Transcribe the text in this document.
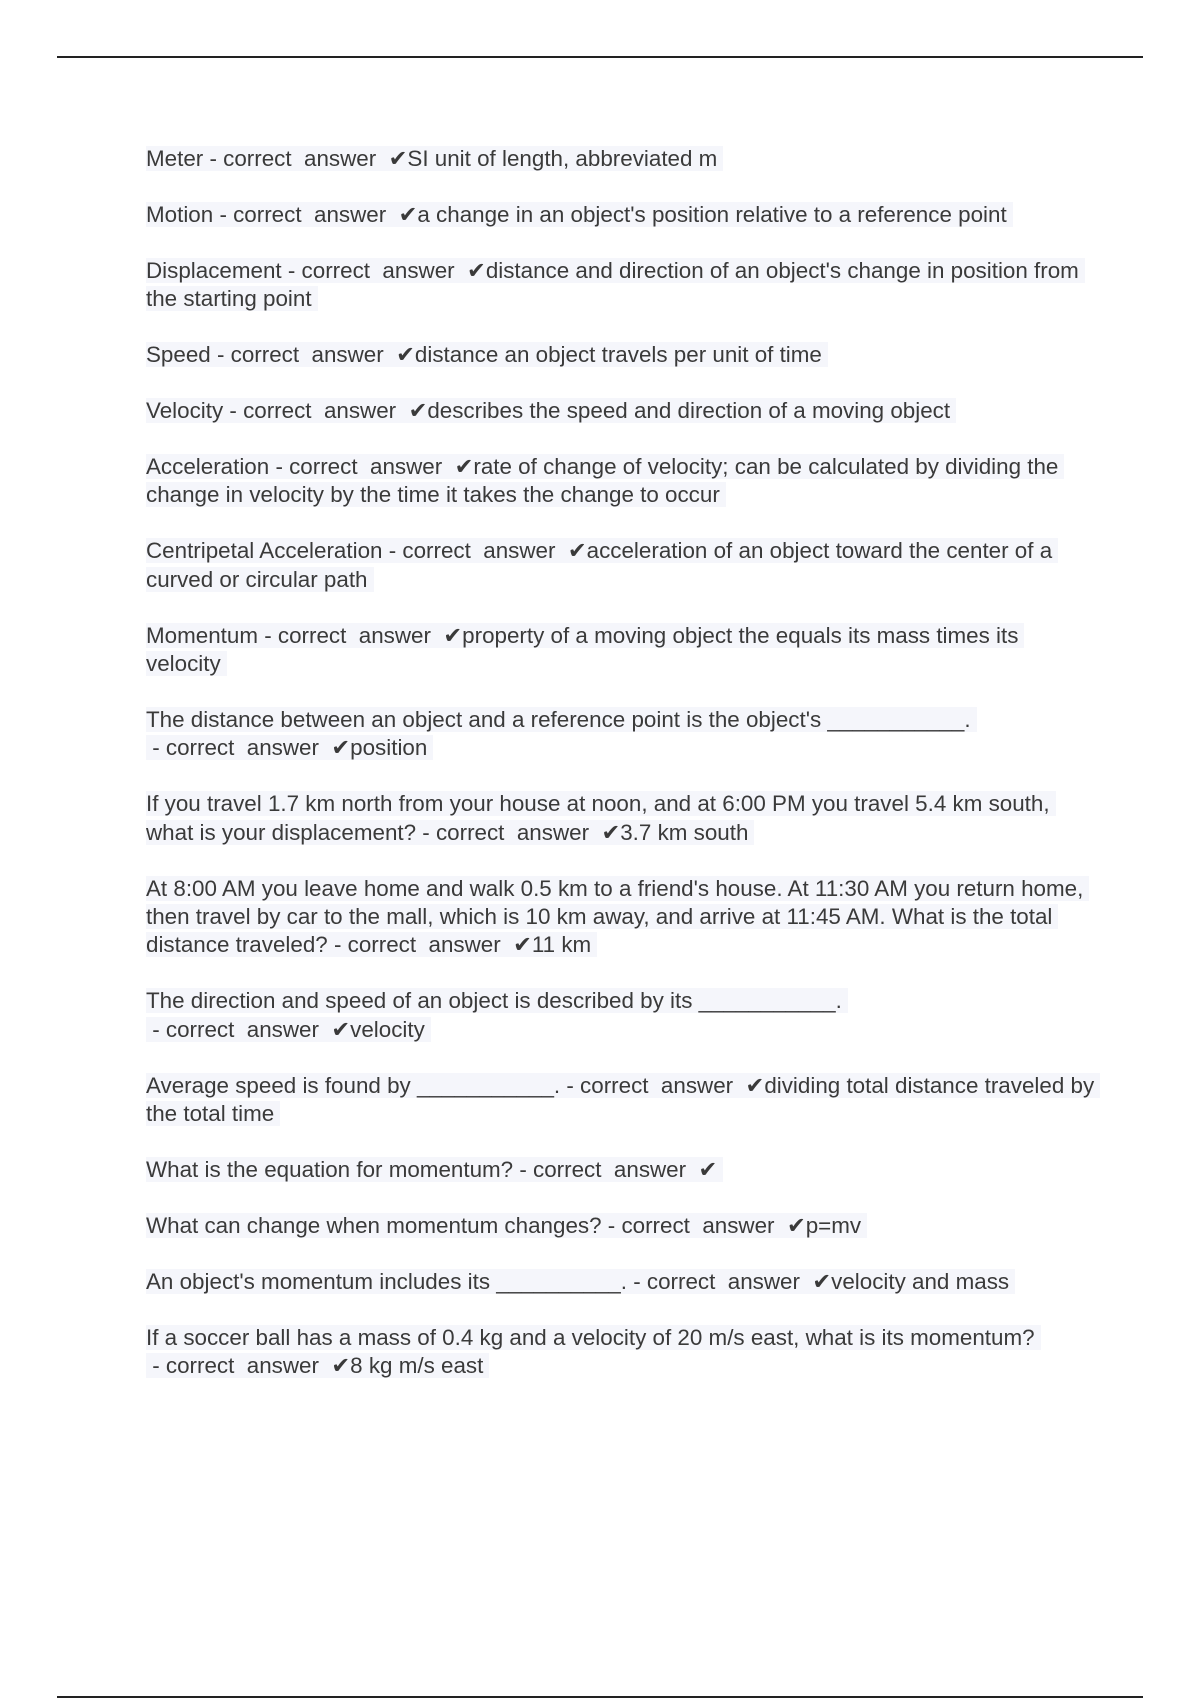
Meter - correct  answer  ✔SI unit of length, abbreviated m

Motion - correct  answer  ✔a change in an object's position relative to a reference point

Displacement - correct  answer  ✔distance and direction of an object's change in position from the starting point

Speed - correct  answer  ✔distance an object travels per unit of time

Velocity - correct  answer  ✔describes the speed and direction of a moving object

Acceleration - correct  answer  ✔rate of change of velocity; can be calculated by dividing the change in velocity by the time it takes the change to occur

Centripetal Acceleration - correct  answer  ✔acceleration of an object toward the center of a curved or circular path

Momentum - correct  answer  ✔property of a moving object the equals its mass times its velocity

The distance between an object and a reference point is the object's ___________. - correct  answer  ✔position

If you travel 1.7 km north from your house at noon, and at 6:00 PM you travel 5.4 km south, what is your displacement? - correct  answer  ✔3.7 km south

At 8:00 AM you leave home and walk 0.5 km to a friend's house. At 11:30 AM you return home, then travel by car to the mall, which is 10 km away, and arrive at 11:45 AM. What is the total distance traveled? - correct  answer  ✔11 km

The direction and speed of an object is described by its ___________. - correct  answer  ✔velocity

Average speed is found by ___________. - correct  answer  ✔dividing total distance traveled by the total time

What is the equation for momentum? - correct  answer  ✔

What can change when momentum changes? - correct  answer  ✔p=mv

An object's momentum includes its __________. - correct  answer  ✔velocity and mass

If a soccer ball has a mass of 0.4 kg and a velocity of 20 m/s east, what is its momentum? - correct  answer  ✔8 kg m/s east
